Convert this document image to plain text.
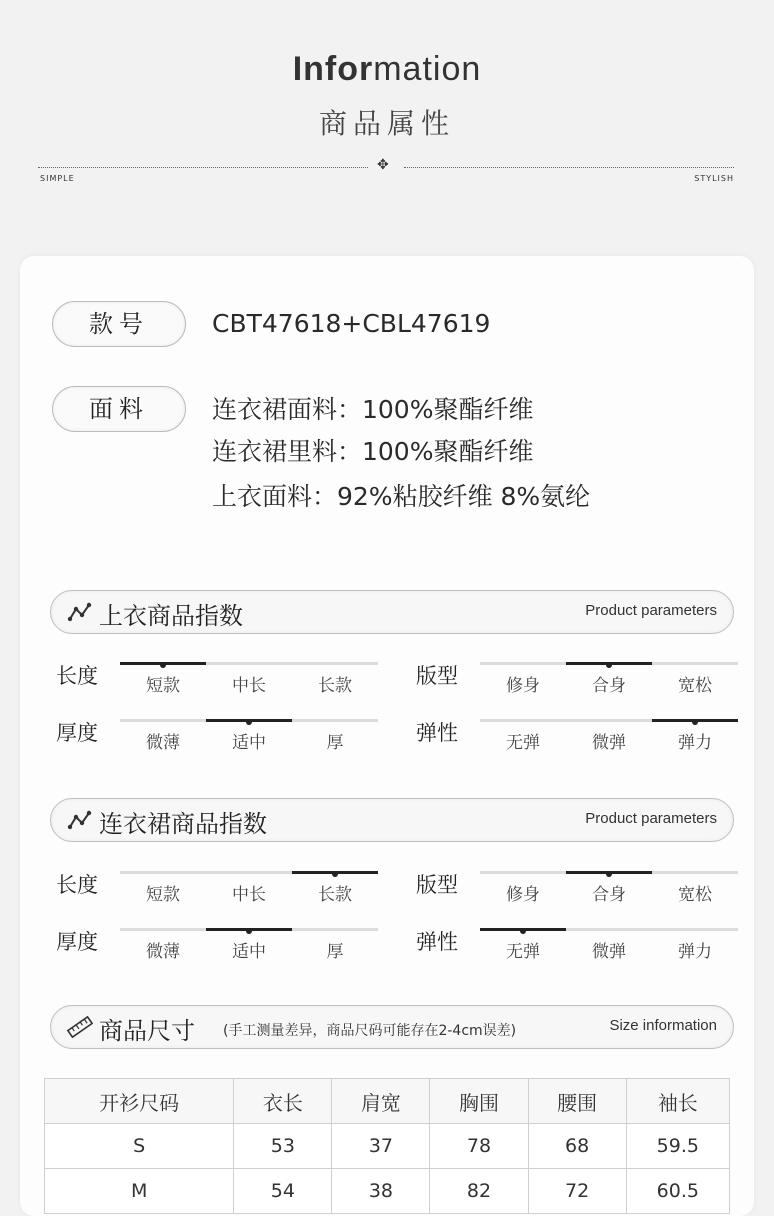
Information
商品属性
✥
SIMPLE	STYLISH
款号	CBT47618+CBL47619
面料	连衣裙面料：100%聚酯纤维
连衣裙里料：100%聚酯纤维
上衣面料：92%粘胶纤维 8%氨纶
上衣商品指数	Product parameters
长度	短款	中长	长款	版型	修身	合身	宽松
厚度	微薄	适中	厚	弹性	无弹	微弹	弹力
连衣裙商品指数	Product parameters
长度	短款	中长	长款	版型	修身	合身	宽松
厚度	微薄	适中	厚	弹性	无弹	微弹	弹力
商品尺寸 (手工测量差异，商品尺码可能存在2-4cm误差)	Size information
开衫尺码	衣长	肩宽	胸围	腰围	袖长
S	53	37	78	68	59.5
M	54	38	82	72	60.5
